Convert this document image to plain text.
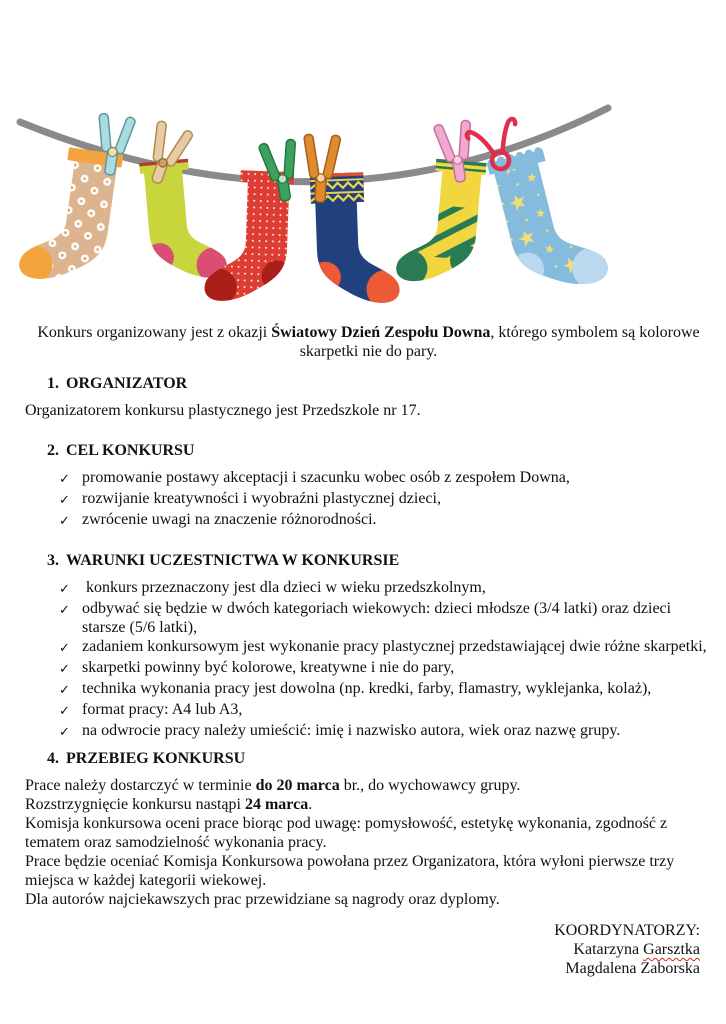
Konkurs organizowany jest z okazji Światowy Dzień Zespołu Downa, którego symbolem są kolorowe skarpetki nie do pary.

1. ORGANIZATOR

Organizatorem konkursu plastycznego jest Przedszkole nr 17.

2. CEL KONKURSU
✓ promowanie postawy akceptacji i szacunku wobec osób z zespołem Downa,
✓ rozwijanie kreatywności i wyobraźni plastycznej dzieci,
✓ zwrócenie uwagi na znaczenie różnorodności.
3. WARUNKI UCZESTNICTWA W KONKURSIE
✓ konkurs przeznaczony jest dla dzieci w wieku przedszkolnym,
✓ odbywać się będzie w dwóch kategoriach wiekowych: dzieci młodsze (3/4 latki) oraz dzieci starsze (5/6 latki),
✓ zadaniem konkursowym jest wykonanie pracy plastycznej przedstawiającej dwie różne skarpetki,
✓ skarpetki powinny być kolorowe, kreatywne i nie do pary,
✓ technika wykonania pracy jest dowolna (np. kredki, farby, flamastry, wyklejanka, kolaż),
✓ format pracy: A4 lub A3,
✓ na odwrocie pracy należy umieścić: imię i nazwisko autora, wiek oraz nazwę grupy.
4. PRZEBIEG KONKURSU

Prace należy dostarczyć w terminie do 20 marca br., do wychowawcy grupy.

Rozstrzygnięcie konkursu nastąpi 24 marca.

Komisja konkursowa oceni prace biorąc pod uwagę: pomysłowość, estetykę wykonania, zgodność z tematem oraz samodzielność wykonania pracy.

Prace będzie oceniać Komisja Konkursowa powołana przez Organizatora, która wyłoni pierwsze trzy miejsca w każdej kategorii wiekowej.

Dla autorów najciekawszych prac przewidziane są nagrody oraz dyplomy.

KOORDYNATORZY:
Katarzyna Garsztka
Magdalena Zaborska
